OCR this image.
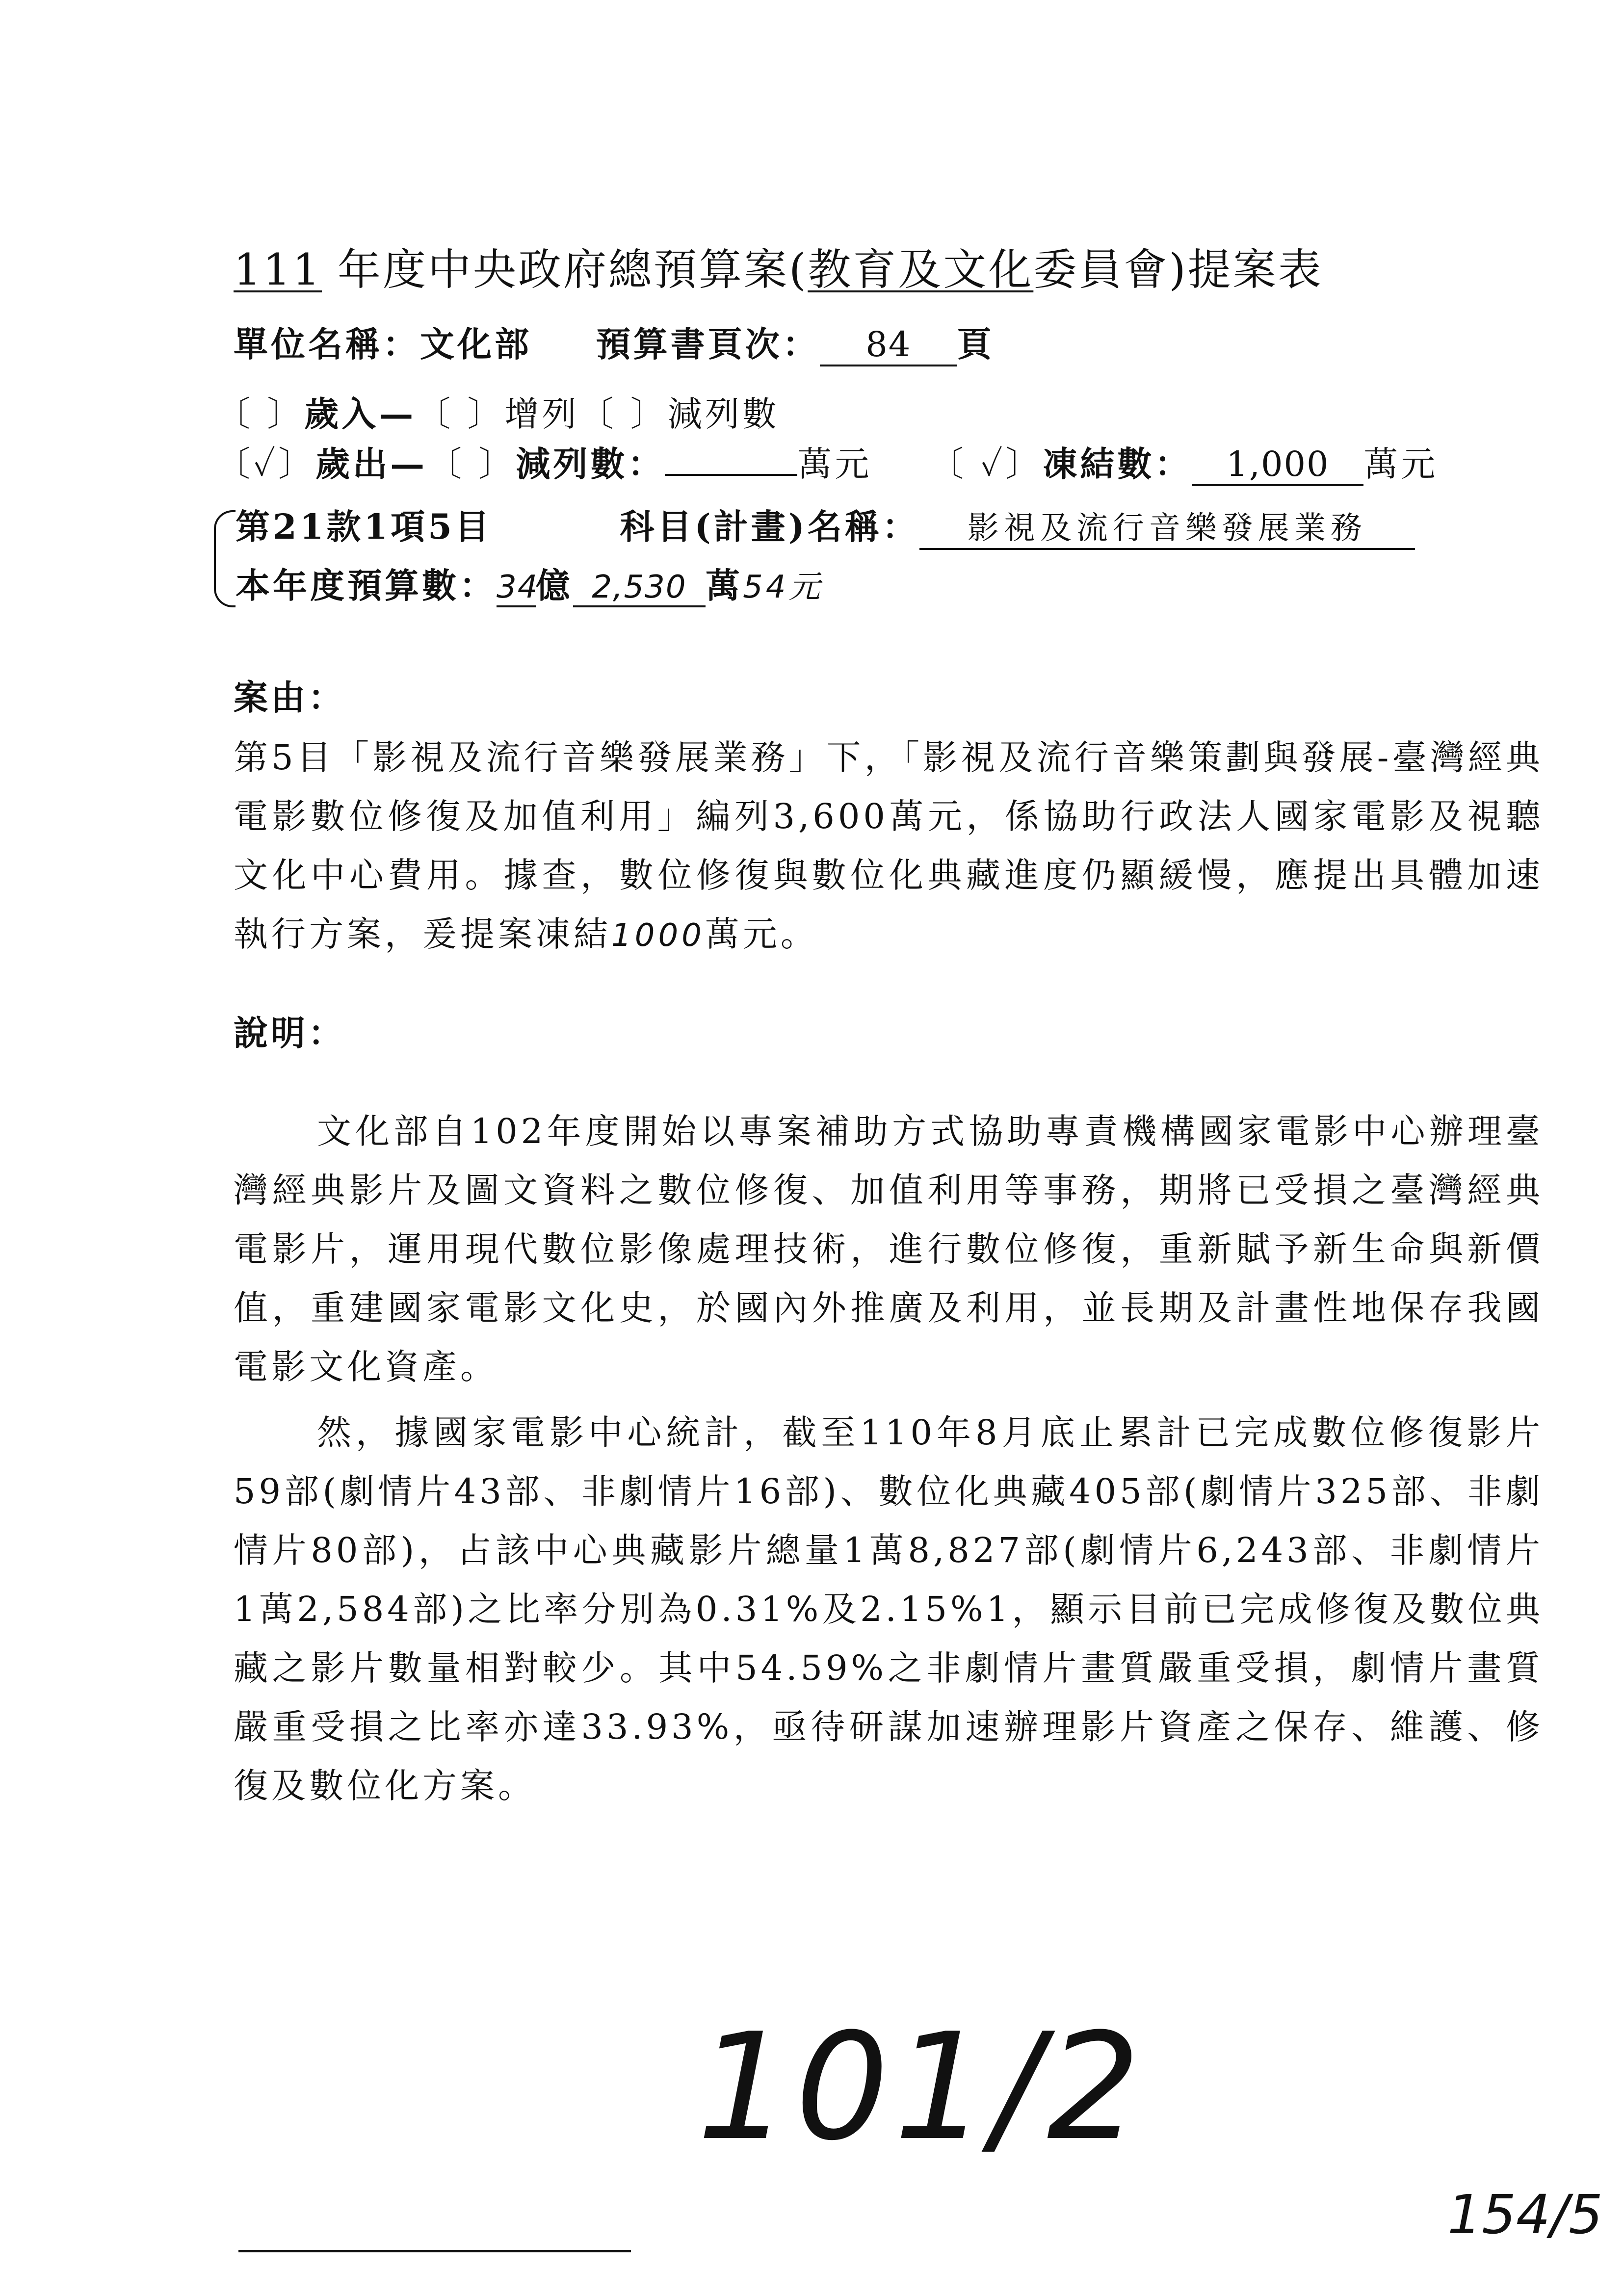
111 年度中央政府總預算案(教育及文化委員會)提案表
單位名稱：文化部 預算書頁次： 84 頁
〔 〕歲入—〔 〕增列〔 〕減列數
〔✓〕歲出—〔 〕減列數：	萬元 〔 ✓〕凍結數： 1,000 萬元
第21款1項5目	科目(計畫)名稱： 影視及流行音樂發展業務
本年度預算數：34億 2,530 萬54元
案由：

第5目「影視及流行音樂發展業務」下，「影視及流行音樂策劃與發展-臺灣經典電影數位修復及加值利用」編列3,600萬元，係協助行政法人國家電影及視聽文化中心費用。據查，數位修復與數位化典藏進度仍顯緩慢，應提出具體加速執行方案，爰提案凍結1000萬元。

說明：

文化部自102年度開始以專案補助方式協助專責機構國家電影中心辦理臺灣經典影片及圖文資料之數位修復、加值利用等事務，期將已受損之臺灣經典電影片，運用現代數位影像處理技術，進行數位修復，重新賦予新生命與新價值，重建國家電影文化史，於國內外推廣及利用，並長期及計畫性地保存我國電影文化資產。

然，據國家電影中心統計，截至110年8月底止累計已完成數位修復影片59部(劇情片43部、非劇情片16部)、數位化典藏405部(劇情片325部、非劇情片80部)，占該中心典藏影片總量1萬8,827部(劇情片6,243部、非劇情片1萬2,584部)之比率分別為0.31%及2.15%1，顯示目前已完成修復及數位典藏之影片數量相對較少。其中54.59%之非劇情片畫質嚴重受損，劇情片畫質嚴重受損之比率亦達33.93%，亟待研謀加速辦理影片資產之保存、維護、修復及數位化方案。

101/2
154/5
